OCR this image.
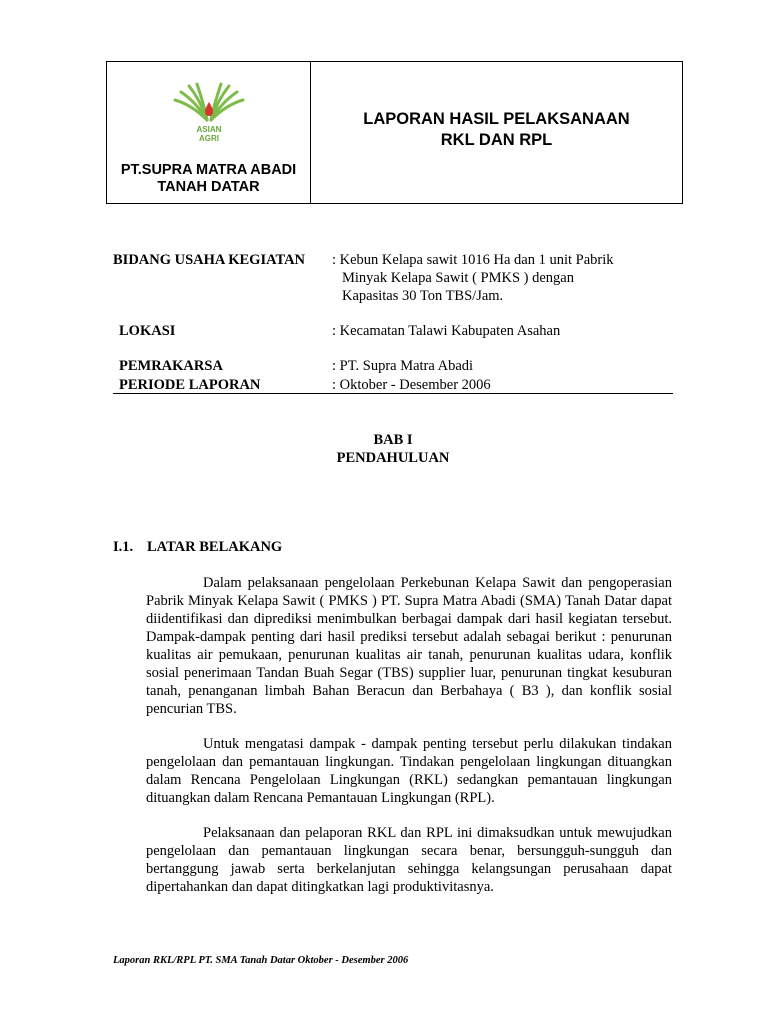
ASIAN
AGRI
PT.SUPRA MATRA ABADI
TANAH DATAR
LAPORAN HASIL PELAKSANAAN
RKL DAN RPL
BIDANG USAHA KEGIATAN : Kebun Kelapa sawit 1016 Ha dan 1 unit Pabrik
Minyak Kelapa Sawit ( PMKS ) dengan
Kapasitas 30 Ton TBS/Jam.
LOKASI	: Kecamatan Talawi Kabupaten Asahan
PEMRAKARSA	: PT. Supra Matra Abadi
PERIODE LAPORAN	: Oktober - Desember 2006
BAB I
PENDAHULUAN
I.1. LATAR BELAKANG

Dalam pelaksanaan pengelolaan Perkebunan Kelapa Sawit dan pengoperasian Pabrik Minyak Kelapa Sawit ( PMKS ) PT. Supra Matra Abadi (SMA) Tanah Datar dapat diidentifikasi dan diprediksi menimbulkan berbagai dampak dari hasil kegiatan tersebut. Dampak-dampak penting dari hasil prediksi tersebut adalah sebagai berikut : penurunan kualitas air pemukaan, penurunan kualitas air tanah, penurunan kualitas udara, konflik sosial penerimaan Tandan Buah Segar (TBS) supplier luar, penurunan tingkat kesuburan tanah, penanganan limbah Bahan Beracun dan Berbahaya ( B3 ), dan konflik sosial pencurian TBS.

Untuk mengatasi dampak - dampak penting tersebut perlu dilakukan tindakan pengelolaan dan pemantauan lingkungan. Tindakan pengelolaan lingkungan dituangkan dalam Rencana Pengelolaan Lingkungan (RKL) sedangkan pemantauan lingkungan dituangkan dalam Rencana Pemantauan Lingkungan (RPL).

Pelaksanaan dan pelaporan RKL dan RPL ini dimaksudkan untuk mewujudkan pengelolaan dan pemantauan lingkungan secara benar, bersungguh-sungguh dan bertanggung jawab serta berkelanjutan sehingga kelangsungan perusahaan dapat dipertahankan dan dapat ditingkatkan lagi produktivitasnya.

Laporan RKL/RPL PT. SMA Tanah Datar Oktober - Desember 2006
